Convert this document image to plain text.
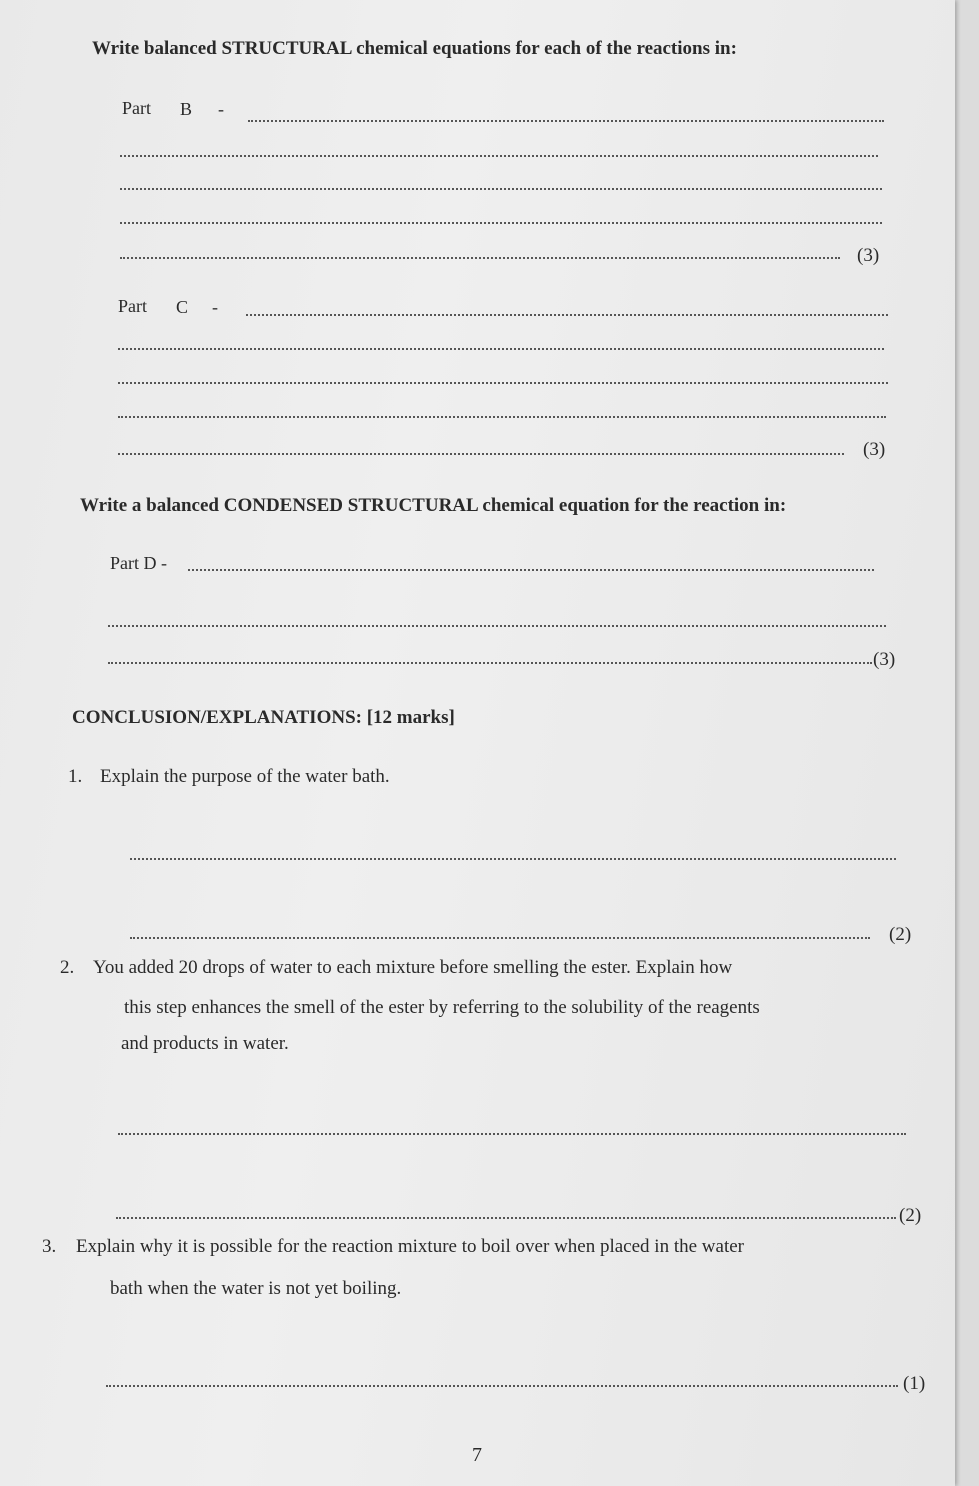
Write balanced STRUCTURAL chemical equations for each of the reactions in:
Part B -
(3)
Part C -
(3)
Write a balanced CONDENSED STRUCTURAL chemical equation for the reaction in:
Part D -
(3)
CONCLUSION/EXPLANATIONS: [12 marks]
1. Explain the purpose of the water bath.
(2)
2. You added 20 drops of water to each mixture before smelling the ester. Explain how
this step enhances the smell of the ester by referring to the solubility of the reagents
and products in water.
(2)
3. Explain why it is possible for the reaction mixture to boil over when placed in the water
bath when the water is not yet boiling.
(1)
7
